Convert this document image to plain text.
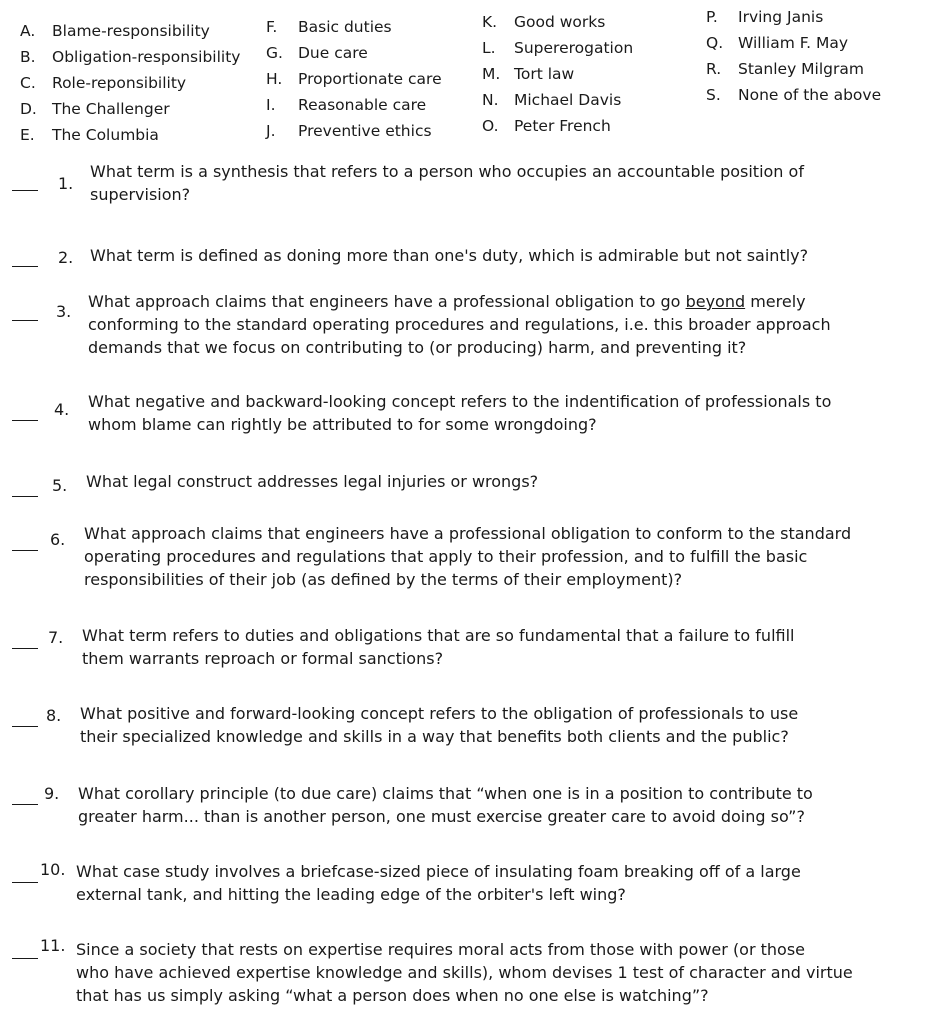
A. Blame-responsibility
B. Obligation-responsibility
C. Role-reponsibility
D. The Challenger
E. The Columbia
F. Basic duties
G. Due care
H. Proportionate care
I. Reasonable care
J. Preventive ethics
K. Good works
L. Supererogation
M. Tort law
N. Michael Davis
O. Peter French
P. Irving Janis
Q. William F. May
R. Stanley Milgram
S. None of the above
1.
What term is a synthesis that refers to a person who occupies an accountable position of
supervision?
2. What term is defined as doning more than one's duty, which is admirable but not saintly?
3.
What approach claims that engineers have a professional obligation to go beyond merely
conforming to the standard operating procedures and regulations, i.e. this broader approach
demands that we focus on contributing to (or producing) harm, and preventing it?
4. What negative and backward-looking concept refers to the indentification of professionals to
whom blame can rightly be attributed to for some wrongdoing?
5. What legal construct addresses legal injuries or wrongs?
6. What approach claims that engineers have a professional obligation to conform to the standard
operating procedures and regulations that apply to their profession, and to fulfill the basic
responsibilities of their job (as defined by the terms of their employment)?
7. What term refers to duties and obligations that are so fundamental that a failure to fulfill
them warrants reproach or formal sanctions?
8. What positive and forward-looking concept refers to the obligation of professionals to use
their specialized knowledge and skills in a way that benefits both clients and the public?
9. What corollary principle (to due care) claims that “when one is in a position to contribute to
greater harm... than is another person, one must exercise greater care to avoid doing so”?
10. What case study involves a briefcase-sized piece of insulating foam breaking off of a large
external tank, and hitting the leading edge of the orbiter's left wing?
11. Since a society that rests on expertise requires moral acts from those with power (or those
who have achieved expertise knowledge and skills), whom devises 1 test of character and virtue
that has us simply asking “what a person does when no one else is watching”?
